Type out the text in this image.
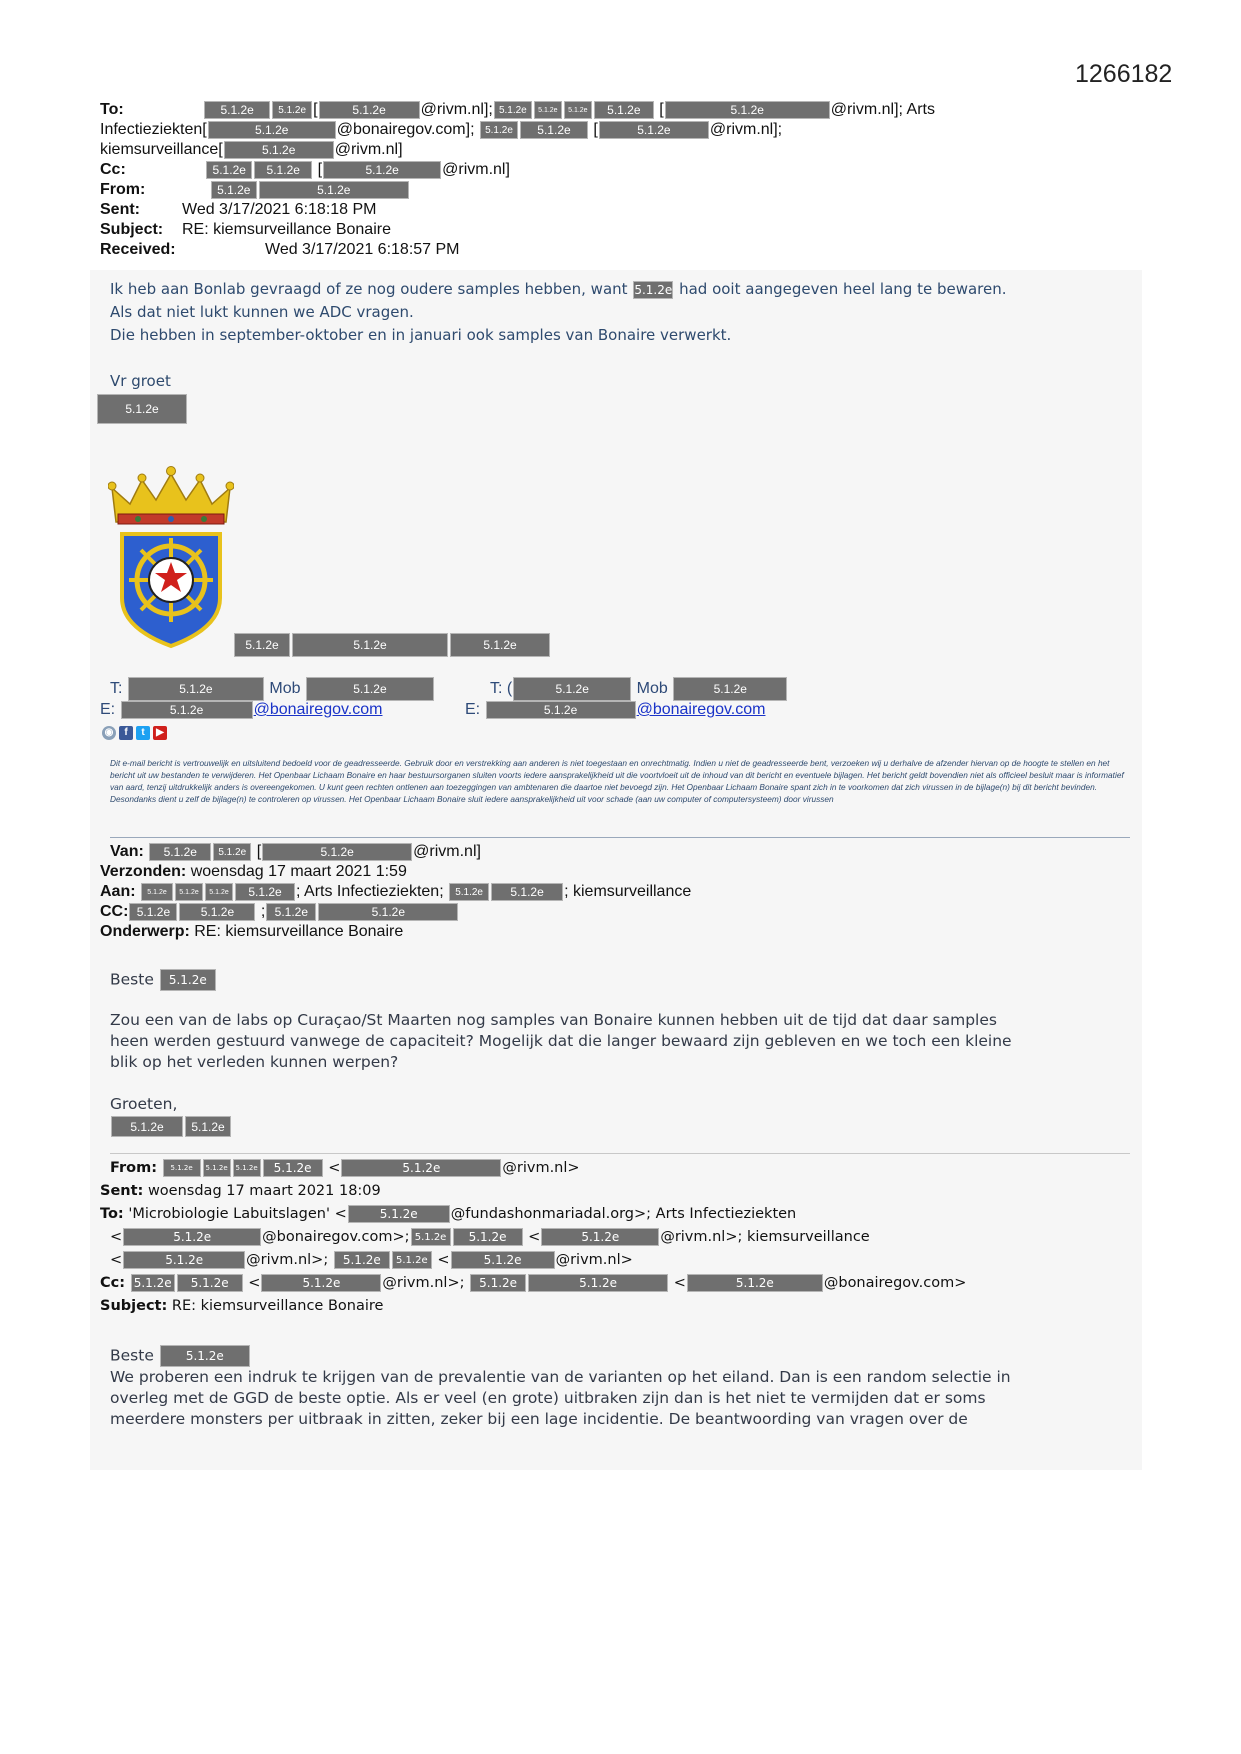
1266182
To:	5.1.2e 5.1.2e [	5.1.2e @rivm.nl]; 5.1.2e 5.1.2e 5.1.2e 5.1.2e [	5.1.2e	@rivm.nl]; Arts
Infectieziekten[	5.1.2e	@bonairegov.com]; 5.1.2e 5.1.2e [	5.1.2e @rivm.nl];
kiemsurveillance[	5.1.2e @rivm.nl]
Cc:	5.1.2e 5.1.2e [	5.1.2e	@rivm.nl]
From:	5.1.2e	5.1.2e
Sent:	Wed 3/17/2021 6:18:18 PM
Subject: RE: kiemsurveillance Bonaire
Received:	Wed 3/17/2021 6:18:57 PM
Ik heb aan Bonlab gevraagd of ze nog oudere samples hebben, want 5.1.2e had ooit aangegeven heel lang te bewaren.
Als dat niet lukt kunnen we ADC vragen.
Die hebben in september-oktober en in januari ook samples van Bonaire verwerkt.
Vr groet
5.1.2e
5.1.2e	5.1.2e	5.1.2e
T:	5.1.2e	Mob	5.1.2e	T: (	5.1.2e	Mob	5.1.2e
E:	5.1.2e	@bonairegov.com	E:	5.1.2e	@bonairegov.com
◉ f t ▶
Dit e-mail bericht is vertrouwelijk en uitsluitend bedoeld voor de geadresseerde. Gebruik door en verstrekking aan anderen is niet toegestaan en onrechtmatig. Indien u niet de geadresseerde bent, verzoeken wij u derhalve de afzender hiervan op de hoogte te stellen en het bericht uit uw bestanden te verwijderen. Het Openbaar Lichaam Bonaire en haar bestuursorganen sluiten voorts iedere aansprakelijkheid uit die voortvloeit uit de inhoud van dit bericht en eventuele bijlagen. Het bericht geldt bovendien niet als officieel besluit maar is informatief van aard, tenzij uitdrukkelijk anders is overeengekomen. U kunt geen rechten ontlenen aan toezeggingen van ambtenaren die daartoe niet bevoegd zijn. Het Openbaar Lichaam Bonaire spant zich in te voorkomen dat zich virussen in de bijlage(n) bij dit bericht bevinden. Desondanks dient u zelf de bijlage(n) te controleren op virussen. Het Openbaar Lichaam Bonaire sluit iedere aansprakelijkheid uit voor schade (aan uw computer of computersysteem) door virussen
Van: 5.1.2e 5.1.2e [	5.1.2e	@rivm.nl]
Verzonden: woensdag 17 maart 2021 1:59
Aan: 5.1.2e 5.1.2e 5.1.2e 5.1.2e ; Arts Infectieziekten; 5.1.2e 5.1.2e ; kiemsurveillance
CC: 5.1.2e	5.1.2e ; 5.1.2e	5.1.2e
Onderwerp: RE: kiemsurveillance Bonaire
Beste 5.1.2e
Zou een van de labs op Curaçao/St Maarten nog samples van Bonaire kunnen hebben uit de tijd dat daar samples
heen werden gestuurd vanwege de capaciteit? Mogelijk dat die langer bewaard zijn gebleven en we toch een kleine
blik op het verleden kunnen werpen?
Groeten,
5.1.2e 5.1.2e
From: 5.1.2e 5.1.2e 5.1.2e 5.1.2e <	5.1.2e	@rivm.nl>
Sent: woensdag 17 maart 2021 18:09
To: 'Microbiologie Labuitslagen' <	5.1.2e @fundashonmariadal.org>; Arts Infectieziekten
<	5.1.2e	@bonairegov.com>; 5.1.2e 5.1.2e <	5.1.2e	@rivm.nl>; kiemsurveillance
<	5.1.2e	@rivm.nl>; 5.1.2e 5.1.2e <	5.1.2e @rivm.nl>
Cc: 5.1.2e 5.1.2e <	5.1.2e	@rivm.nl>; 5.1.2e	5.1.2e	<	5.1.2e	@bonairegov.com>
Subject: RE: kiemsurveillance Bonaire
Beste	5.1.2e
We proberen een indruk te krijgen van de prevalentie van de varianten op het eiland. Dan is een random selectie in
overleg met de GGD de beste optie. Als er veel (en grote) uitbraken zijn dan is het niet te vermijden dat er soms
meerdere monsters per uitbraak in zitten, zeker bij een lage incidentie. De beantwoording van vragen over de
